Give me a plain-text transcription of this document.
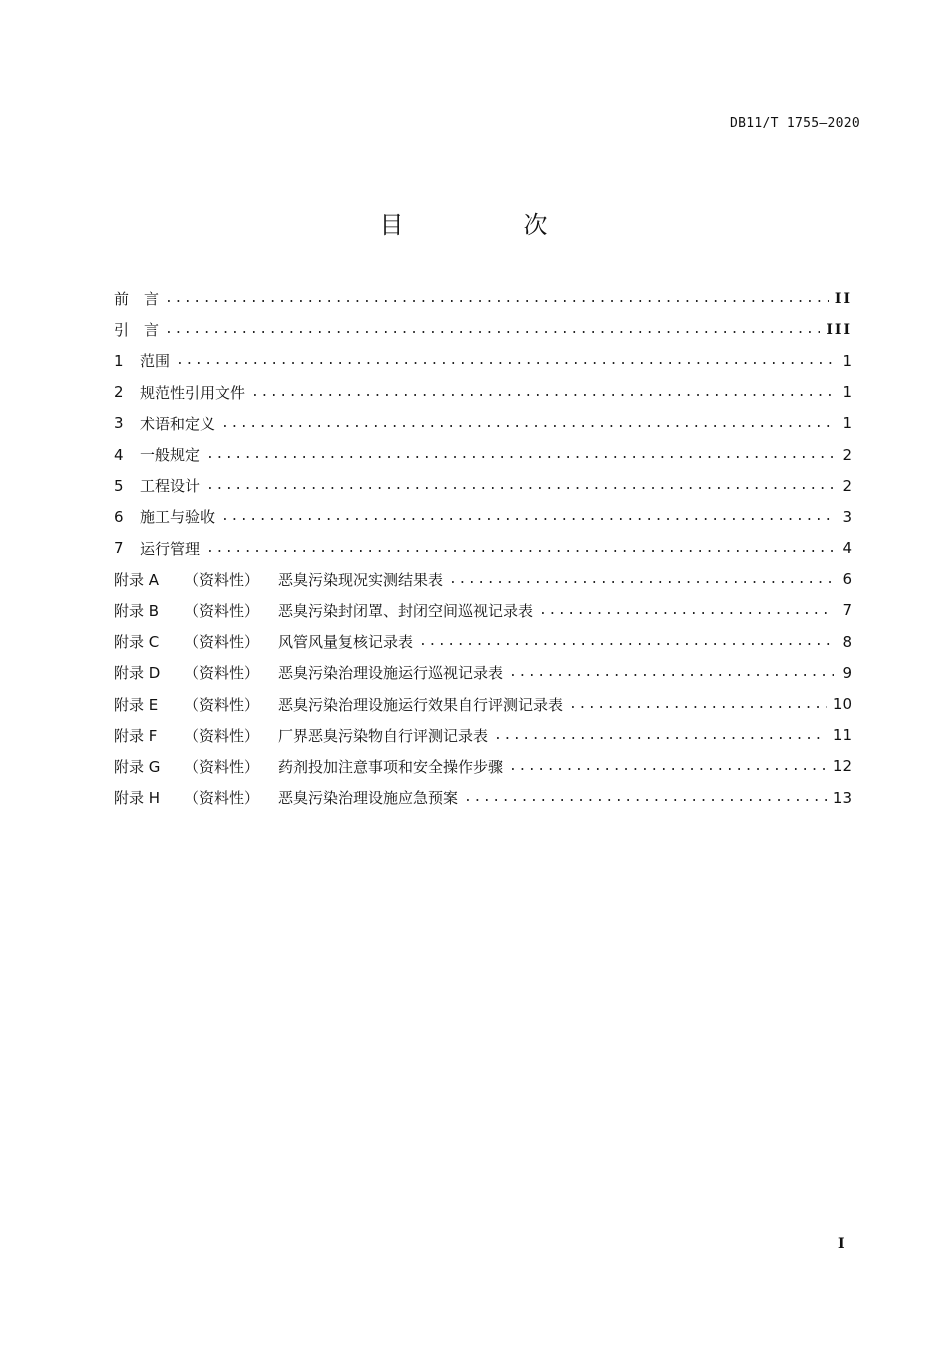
DB11/T 1755—2020
目　次
前　言 .....	II
引　言 .....	III
1	范围 .....	1
2	规范性引用文件 .....	1
3	术语和定义 .....	1
4	一般规定 .....	2
5	工程设计 .....	2
6	施工与验收 .....	3
7	运行管理 .....	4
附录 A	（资料性）	恶臭污染现况实测结果表 .....	6
附录 B	（资料性）	恶臭污染封闭罩、封闭空间巡视记录表 .....	7
附录 C	（资料性）	风管风量复核记录表 .....	8
附录 D	（资料性）	恶臭污染治理设施运行巡视记录表 .....	9
附录 E	（资料性）	恶臭污染治理设施运行效果自行评测记录表 .....	10
附录 F	（资料性）	厂界恶臭污染物自行评测记录表 .....	11
附录 G	（资料性）	药剂投加注意事项和安全操作步骤 .....	12
附录 H	（资料性）	恶臭污染治理设施应急预案 .....	13
I
